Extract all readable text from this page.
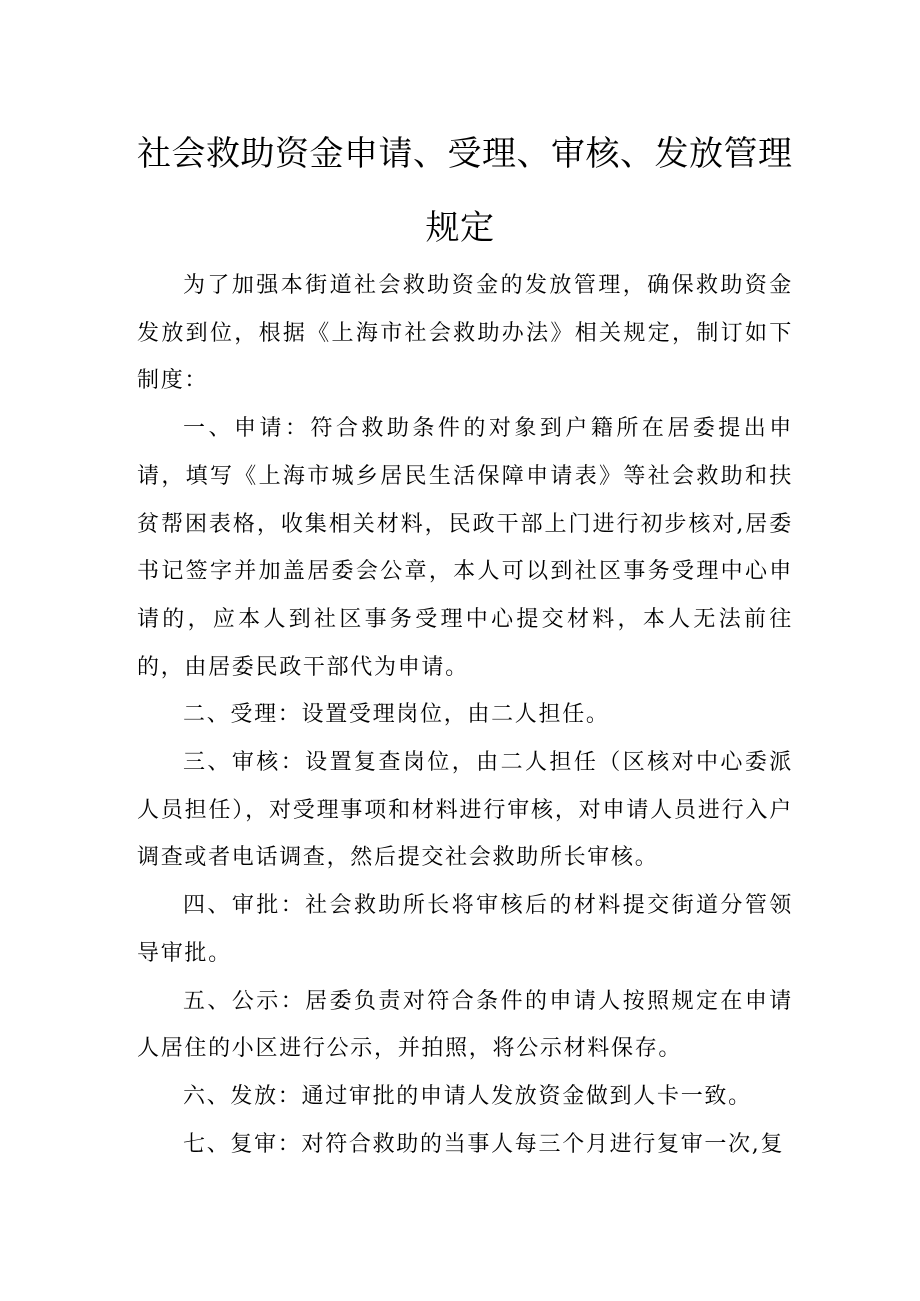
社会救助资金申请、受理、审核、发放管理
规定

为了加强本街道社会救助资金的发放管理，确保救助资金发放到位，根据《上海市社会救助办法》相关规定，制订如下制度：

一、申请：符合救助条件的对象到户籍所在居委提出申请，填写《上海市城乡居民生活保障申请表》等社会救助和扶贫帮困表格，收集相关材料，民政干部上门进行初步核对,居委书记签字并加盖居委会公章，本人可以到社区事务受理中心申请的，应本人到社区事务受理中心提交材料，本人无法前往的，由居委民政干部代为申请。

二、受理：设置受理岗位，由二人担任。

三、审核：设置复查岗位，由二人担任（区核对中心委派人员担任），对受理事项和材料进行审核，对申请人员进行入户调查或者电话调查，然后提交社会救助所长审核。

四、审批：社会救助所长将审核后的材料提交街道分管领导审批。

五、公示：居委负责对符合条件的申请人按照规定在申请人居住的小区进行公示，并拍照，将公示材料保存。

六、发放：通过审批的申请人发放资金做到人卡一致。

七、复审：对符合救助的当事人每三个月进行复审一次,复
